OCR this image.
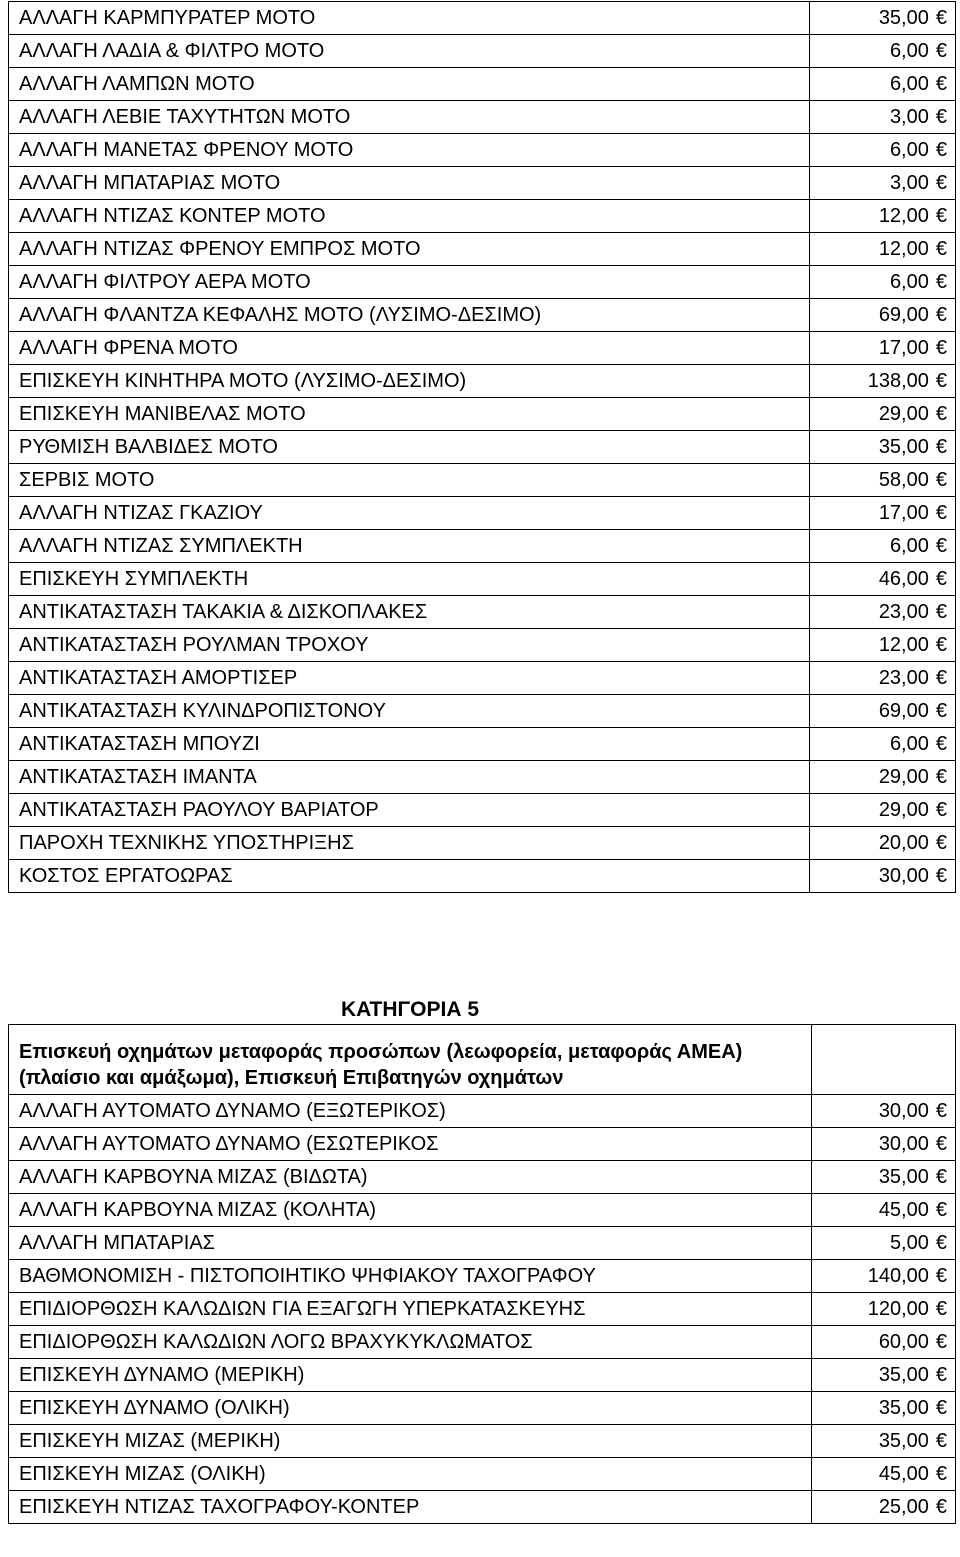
ΑΛΛΑΓΗ ΚΑΡΜΠΥΡΑΤΕΡ ΜΟΤΟ	35,00 €
ΑΛΛΑΓΗ ΛΑΔΙΑ & ΦΙΛΤΡΟ ΜΟΤΟ	6,00 €
ΑΛΛΑΓΗ ΛΑΜΠΩΝ ΜΟΤΟ	6,00 €
ΑΛΛΑΓΗ ΛΕΒΙΕ ΤΑΧΥΤΗΤΩΝ ΜΟΤΟ	3,00 €
ΑΛΛΑΓΗ ΜΑΝΕΤΑΣ ΦΡΕΝΟΥ ΜΟΤΟ	6,00 €
ΑΛΛΑΓΗ ΜΠΑΤΑΡΙΑΣ ΜΟΤΟ	3,00 €
ΑΛΛΑΓΗ ΝΤΙΖΑΣ ΚΟΝΤΕΡ ΜΟΤΟ	12,00 €
ΑΛΛΑΓΗ ΝΤΙΖΑΣ ΦΡΕΝΟΥ ΕΜΠΡΟΣ ΜΟΤΟ	12,00 €
ΑΛΛΑΓΗ ΦΙΛΤΡΟΥ ΑΕΡΑ ΜΟΤΟ	6,00 €
ΑΛΛΑΓΗ ΦΛΑΝΤΖΑ ΚΕΦΑΛΗΣ ΜΟΤΟ (ΛΥΣΙΜΟ-ΔΕΣΙΜΟ)	69,00 €
ΑΛΛΑΓΗ ΦΡΕΝΑ ΜΟΤΟ	17,00 €
ΕΠΙΣΚΕΥΗ ΚΙΝΗΤΗΡΑ ΜΟΤΟ (ΛΥΣΙΜΟ-ΔΕΣΙΜΟ)	138,00 €
ΕΠΙΣΚΕΥΗ ΜΑΝΙΒΕΛΑΣ ΜΟΤΟ	29,00 €
ΡΥΘΜΙΣΗ ΒΑΛΒΙΔΕΣ ΜΟΤΟ	35,00 €
ΣΕΡΒΙΣ ΜΟΤΟ	58,00 €
ΑΛΛΑΓΗ ΝΤΙΖΑΣ ΓΚΑΖΙΟΥ	17,00 €
ΑΛΛΑΓΗ ΝΤΙΖΑΣ ΣΥΜΠΛΕΚΤΗ	6,00 €
ΕΠΙΣΚΕΥΗ ΣΥΜΠΛΕΚΤΗ	46,00 €
ΑΝΤΙΚΑΤΑΣΤΑΣΗ ΤΑΚΑΚΙΑ & ΔΙΣΚΟΠΛΑΚΕΣ	23,00 €
ΑΝΤΙΚΑΤΑΣΤΑΣΗ ΡΟΥΛΜΑΝ ΤΡΟΧΟΥ	12,00 €
ΑΝΤΙΚΑΤΑΣΤΑΣΗ ΑΜΟΡΤΙΣΕΡ	23,00 €
ΑΝΤΙΚΑΤΑΣΤΑΣΗ ΚΥΛΙΝΔΡΟΠΙΣΤΟΝΟΥ	69,00 €
ΑΝΤΙΚΑΤΑΣΤΑΣΗ ΜΠΟΥΖΙ	6,00 €
ΑΝΤΙΚΑΤΑΣΤΑΣΗ ΙΜΑΝΤΑ	29,00 €
ΑΝΤΙΚΑΤΑΣΤΑΣΗ ΡΑΟΥΛΟΥ ΒΑΡΙΑΤΟΡ	29,00 €
ΠΑΡΟΧΗ ΤΕΧΝΙΚΗΣ ΥΠΟΣΤΗΡΙΞΗΣ	20,00 €
ΚΟΣΤΟΣ ΕΡΓΑΤΟΩΡΑΣ	30,00 €
ΚΑΤΗΓΟΡΙΑ 5
Επισκευή οχημάτων μεταφοράς προσώπων (λεωφορεία, μεταφοράς ΑΜΕΑ) (πλαίσιο και αμάξωμα), Επισκευή Επιβατηγών οχημάτων	
ΑΛΛΑΓΗ ΑΥΤΟΜΑΤΟ ΔΥΝΑΜΟ (ΕΞΩΤΕΡΙΚΟΣ)	30,00 €
ΑΛΛΑΓΗ ΑΥΤΟΜΑΤΟ ΔΥΝΑΜΟ (ΕΣΩΤΕΡΙΚΟΣ	30,00 €
ΑΛΛΑΓΗ ΚΑΡΒΟΥΝΑ ΜΙΖΑΣ (ΒΙΔΩΤΑ)	35,00 €
ΑΛΛΑΓΗ ΚΑΡΒΟΥΝΑ ΜΙΖΑΣ (ΚΟΛΗΤΑ)	45,00 €
ΑΛΛΑΓΗ ΜΠΑΤΑΡΙΑΣ	5,00 €
ΒΑΘΜΟΝΟΜΙΣΗ - ΠΙΣΤΟΠΟΙΗΤΙΚΟ ΨΗΦΙΑΚΟΥ ΤΑΧΟΓΡΑΦΟΥ	140,00 €
ΕΠΙΔΙΟΡΘΩΣΗ ΚΑΛΩΔΙΩΝ ΓΙΑ ΕΞΑΓΩΓΗ ΥΠΕΡΚΑΤΑΣΚΕΥΗΣ	120,00 €
ΕΠΙΔΙΟΡΘΩΣΗ ΚΑΛΩΔΙΩΝ ΛΟΓΩ ΒΡΑΧΥΚΥΚΛΩΜΑΤΟΣ	60,00 €
ΕΠΙΣΚΕΥΗ ΔΥΝΑΜΟ (ΜΕΡΙΚΗ)	35,00 €
ΕΠΙΣΚΕΥΗ ΔΥΝΑΜΟ (ΟΛΙΚΗ)	35,00 €
ΕΠΙΣΚΕΥΗ ΜΙΖΑΣ (ΜΕΡΙΚΗ)	35,00 €
ΕΠΙΣΚΕΥΗ ΜΙΖΑΣ (ΟΛΙΚΗ)	45,00 €
ΕΠΙΣΚΕΥΗ ΝΤΙΖΑΣ ΤΑΧΟΓΡΑΦΟΥ-ΚΟΝΤΕΡ	25,00 €
